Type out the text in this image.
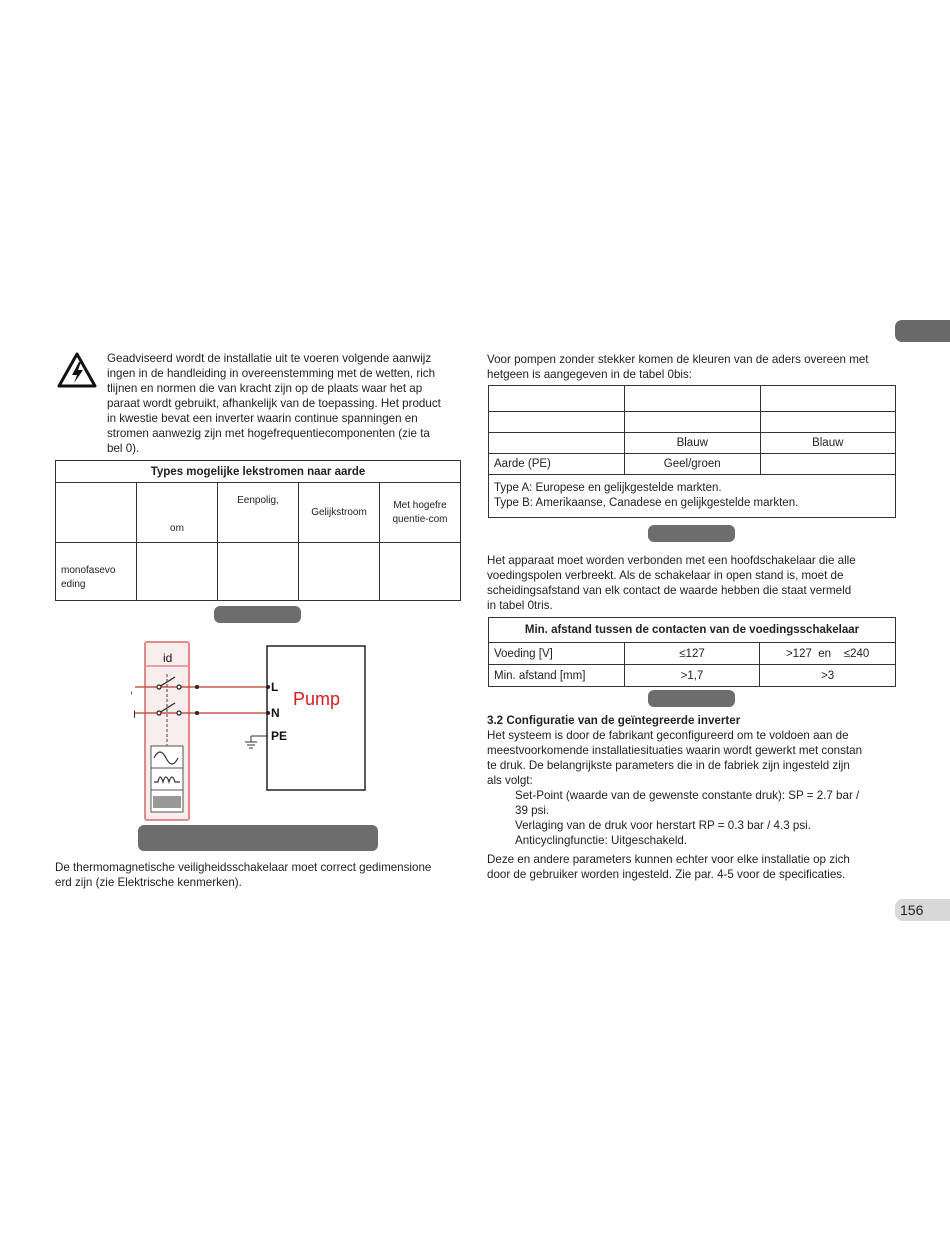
Geadviseerd wordt de installatie uit te voeren volgende aanwijz
ingen in de handleiding in overeenstemming met de wetten, rich
tlijnen en normen die van kracht zijn op de plaats waar het ap
paraat wordt gebruikt, afhankelijk van de toepassing. Het product
in kwestie bevat een inverter waarin continue spanningen en
stromen aanwezig zijn met hogefrequentiecomponenten (zie ta
bel 0).
Types mogelijke lekstromen naar aarde				
	om	Eenpolig,	Gelijkstroom	Met hogefre
quentie-com

monofasevo
eding				

id
I
,	L
N
PE
Pump
De thermomagnetische veiligheidsschakelaar moet correct gedimensione
erd zijn (zie Elektrische kenmerken).
Voor pompen zonder stekker komen de kleuren van de aders overeen met
hetgeen is aangegeven in de tabel 0bis:

	Blauw	Blauw
Aarde (PE)	Geel/groen	

Type A: Europese en gelijkgestelde markten.
Type B: Amerikaanse, Canadese en gelijkgestelde markten.		
Het apparaat moet worden verbonden met een hoofdschakelaar die alle
voedingspolen verbreekt. Als de schakelaar in open stand is, moet de
scheidingsafstand van elk contact de waarde hebben die staat vermeld
in tabel 0tris.
Min. afstand tussen de contacten van de voedingsschakelaar		
Voeding [V]	≤127	>127  en    ≤240
Min. afstand [mm]	>1,7	>3
3.2 Configuratie van de geïntegreerde inverter
Het systeem is door de fabrikant geconfigureerd om te voldoen aan de
meestvoorkomende installatiesituaties waarin wordt gewerkt met constan
te druk. De belangrijkste parameters die in de fabriek zijn ingesteld zijn
als volgt:
Set-Point (waarde van de gewenste constante druk): SP = 2.7 bar /
39 psi.
Verlaging van de druk voor herstart RP = 0.3 bar / 4.3 psi.
Anticyclingfunctie: Uitgeschakeld.
Deze en andere parameters kunnen echter voor elke installatie op zich
door de gebruiker worden ingesteld. Zie par. 4-5 voor de specificaties.
156
